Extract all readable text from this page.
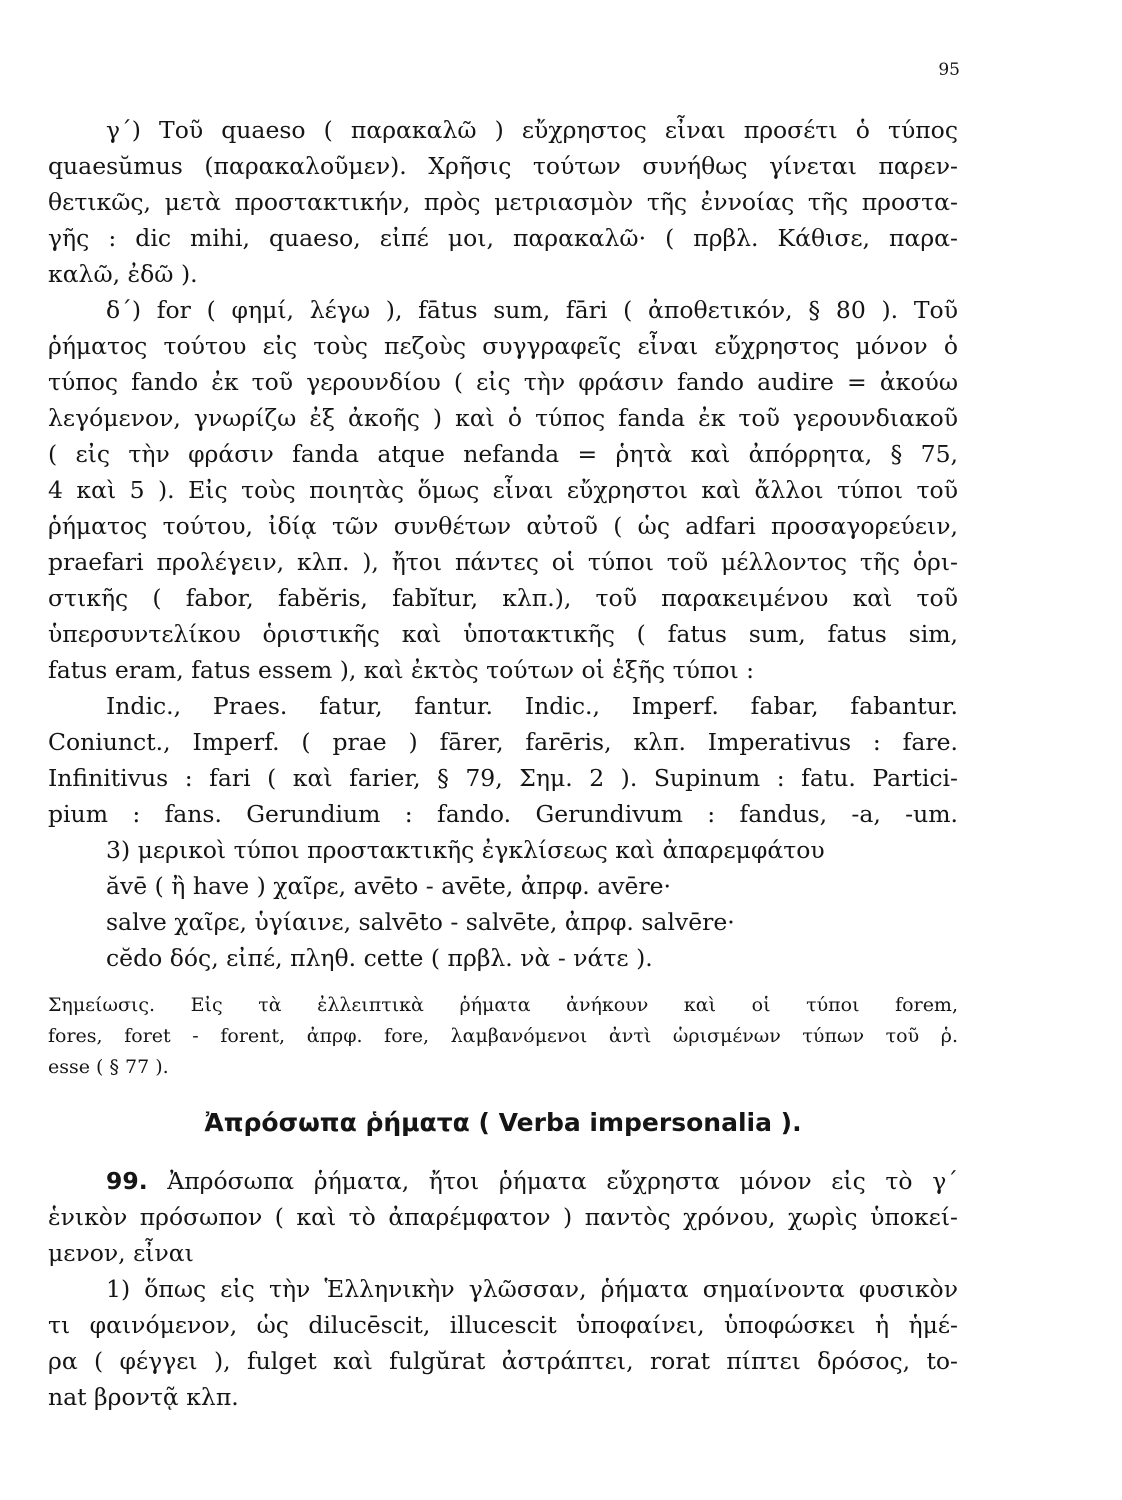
95
γ΄) Τοῦ quaeso ( παρακαλῶ ) εὔχρηστος εἶναι προσέτι ὁ τύπος
quaesŭmus (παρακαλοῦμεν). Χρῆσις τούτων συνήθως γίνεται παρεν-
θετικῶς, μετὰ προστακτικήν, πρὸς μετριασμὸν τῆς ἐννοίας τῆς προστα-
γῆς : dic mihi, quaeso, εἰπέ μοι, παρακαλῶ· ( πρβλ. Κάθισε, παρα-
καλῶ, ἐδῶ ).
δ΄) for ( φημί, λέγω ), fātus sum, fāri ( ἀποθετικόν, § 80 ). Τοῦ
ῥήματος τούτου εἰς τοὺς πεζοὺς συγγραφεῖς εἶναι εὔχρηστος μόνον ὁ
τύπος fando ἐκ τοῦ γερουνδίου ( εἰς τὴν φράσιν fando audire = ἀκούω
λεγόμενον, γνωρίζω ἐξ ἀκοῆς ) καὶ ὁ τύπος fanda ἐκ τοῦ γερουνδιακοῦ
( εἰς τὴν φράσιν fanda atque nefanda = ῥητὰ καὶ ἀπόρρητα, § 75,
4 καὶ 5 ). Εἰς τοὺς ποιητὰς ὅμως εἶναι εὔχρηστοι καὶ ἄλλοι τύποι τοῦ
ῥήματος τούτου, ἰδίᾳ τῶν συνθέτων αὐτοῦ ( ὡς adfari προσαγορεύειν,
praefari προλέγειν, κλπ. ), ἤτοι πάντες οἱ τύποι τοῦ μέλλοντος τῆς ὁρι-
στικῆς ( fabor, fabĕris, fabĭtur, κλπ.), τοῦ παρακειμένου καὶ τοῦ
ὑπερσυντελίκου ὁριστικῆς καὶ ὑποτακτικῆς ( fatus sum, fatus sim,
fatus eram, fatus essem ), καὶ ἐκτὸς τούτων οἱ ἑξῆς τύποι :
Indic., Praes. fatur, fantur. Indic., Imperf. fabar, fabantur.
Coniunct., Imperf. ( prae ) fārer, farēris, κλπ. Imperativus : fare.
Infinitivus : fari ( καὶ farier, § 79, Σημ. 2 ). Supinum : fatu. Partici-
pium : fans. Gerundium : fando. Gerundivum : fandus, -a, -um.
3) μερικοὶ τύποι προστακτικῆς ἐγκλίσεως καὶ ἀπαρεμφάτου
ăvē ( ἢ have ) χαῖρε, avēto - avēte, ἀπρφ. avēre·
salve χαῖρε, ὑγίαινε, salvēto - salvēte, ἀπρφ. salvēre·
cĕdo δός, εἰπέ, πληθ. cette ( πρβλ. νὰ - νάτε ).
Σημείωσις. Εἰς τὰ ἐλλειπτικὰ ῥήματα ἀνήκουν καὶ οἱ τύποι forem,
fores, foret - forent, ἀπρφ. fore, λαμβανόμενοι ἀντὶ ὡρισμένων τύπων τοῦ ῥ.
esse ( § 77 ).
Ἀπρόσωπα ῥήματα ( Verba impersonalia ).
99. Ἀπρόσωπα ῥήματα, ἤτοι ῥήματα εὔχρηστα μόνον εἰς τὸ γ΄
ἑνικὸν πρόσωπον ( καὶ τὸ ἀπαρέμφατον ) παντὸς χρόνου, χωρὶς ὑποκεί-
μενον, εἶναι
1) ὅπως εἰς τὴν Ἑλληνικὴν γλῶσσαν, ῥήματα σημαίνοντα φυσικὸν
τι φαινόμενον, ὡς dilucēscit, illucescit ὑποφαίνει, ὑποφώσκει ἡ ἡμέ-
ρα ( φέγγει ), fulget καὶ fulgŭrat ἀστράπτει, rorat πίπτει δρόσος, to-
nat βροντᾷ κλπ.
